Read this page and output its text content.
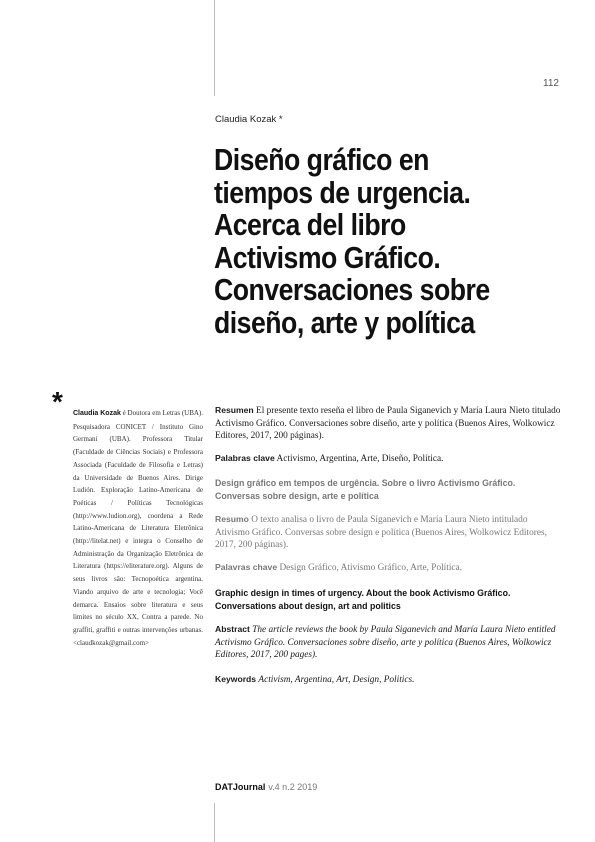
112
Claudia Kozak *
Diseño gráfico en tiempos de urgencia. Acerca del libro Activismo Gráfico. Conversaciones sobre diseño, arte y política
* Claudia Kozak é Doutora em Letras (UBA). Pesquisadora CONICET / Instituto Gino Germani (UBA). Professora Titular (Faculdade de Ciências Sociais) e Professora Associada (Faculdade de Filosofia e Letras) da Universidade de Buenos Aires. Dirige Ludión. Exploração Latino-Americana de Poéticas / Políticas Tecnológicas (http://www.ludion.org), coordena a Rede Latino-Americana de Literatura Eletrônica (http://litelat.net) e integra o Conselho de Administração da Organização Eletrônica de Literatura (https://eliterature.org). Alguns de seus livros são: Tecnopoéticа argentina. Viando arquivo de arte e tecnologia; Você demarca. Ensaios sobre literatura e seus limites no século XX, Contra a parede. No graffiti, graffiti e outras intervenções urbanas. <claudkozak@gmail.com>

Resumen El presente texto reseña el libro de Paula Siganevich y María Laura Nieto titulado Activismo Gráfico. Conversaciones sobre diseño, arte y política (Buenos Aires, Wolkowicz Editores, 2017, 200 páginas).

Palabras clave Activismo, Argentina, Arte, Diseño, Política.

Design gráfico em tempos de urgência. Sobre o livro Activismo Gráfico. Conversas sobre design, arte e política

Resumo O texto analisa o livro de Paula Siganevich e María Laura Nieto intitulado Ativismo Gráfico. Conversas sobre design e política (Buenos Aires, Wolkowicz Editores, 2017, 200 páginas).

Palavras chave Design Gráfico, Ativismo Gráfico, Arte, Política.

Graphic design in times of urgency. About the book Activismo Gráfico. Conversations about design, art and politics

Abstract The article reviews the book by Paula Siganevich and María Laura Nieto entitled Activismo Gráfico. Conversaciones sobre diseño, arte y política (Buenos Aires, Wolkowicz Editores, 2017, 200 pages).

Keywords Activism, Argentina, Art, Design, Politics.

DATJournal v.4 n.2 2019
